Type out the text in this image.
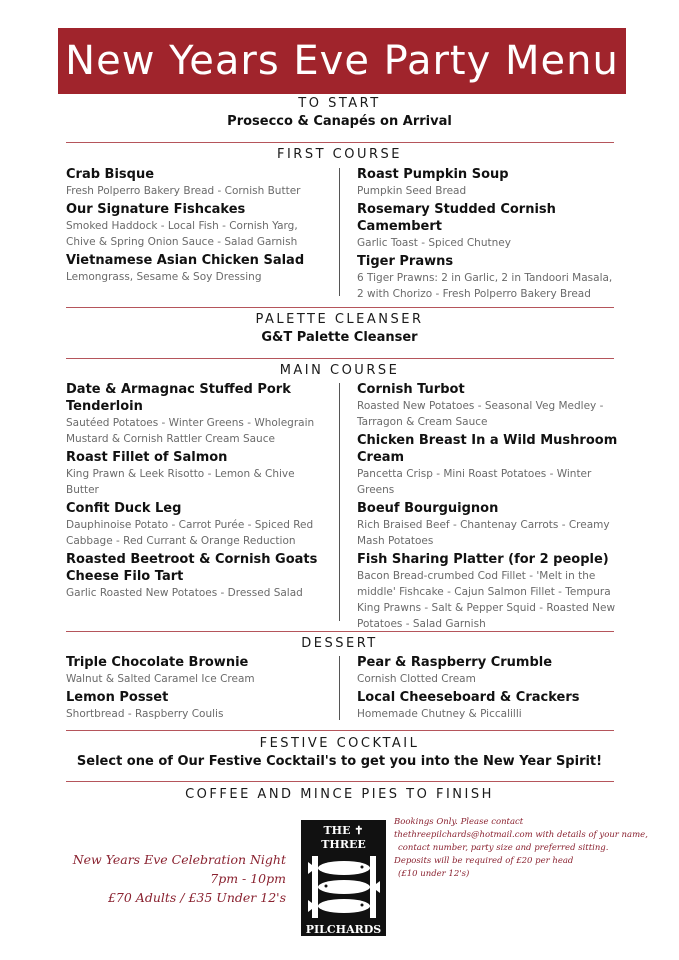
New Years Eve Party Menu
TO START
Prosecco & Canapés on Arrival
FIRST COURSE
Crab Bisque
Fresh Polperro Bakery Bread - Cornish Butter
Our Signature Fishcakes
Smoked Haddock - Local Fish - Cornish Yarg, Chive & Spring Onion Sauce - Salad Garnish
Vietnamese Asian Chicken Salad
Lemongrass, Sesame & Soy Dressing
Roast Pumpkin Soup
Pumpkin Seed Bread
Rosemary Studded Cornish Camembert
Garlic Toast - Spiced Chutney
Tiger Prawns
6 Tiger Prawns: 2 in Garlic, 2 in Tandoori Masala, 2 with Chorizo - Fresh Polperro Bakery Bread
PALETTE CLEANSER
G&T Palette Cleanser
MAIN COURSE
Date & Armagnac Stuffed Pork Tenderloin
Sautéed Potatoes - Winter Greens - Wholegrain Mustard & Cornish Rattler Cream Sauce
Roast Fillet of Salmon
King Prawn & Leek Risotto - Lemon & Chive Butter
Confit Duck Leg
Dauphinoise Potato - Carrot Purée - Spiced Red Cabbage - Red Currant & Orange Reduction
Roasted Beetroot & Cornish Goats Cheese Filo Tart
Garlic Roasted New Potatoes - Dressed Salad
Cornish Turbot
Roasted New Potatoes - Seasonal Veg Medley - Tarragon & Cream Sauce
Chicken Breast In a Wild Mushroom Cream
Pancetta Crisp - Mini Roast Potatoes - Winter Greens
Boeuf Bourguignon
Rich Braised Beef - Chantenay Carrots - Creamy Mash Potatoes
Fish Sharing Platter (for 2 people)
Bacon Bread-crumbed Cod Fillet - 'Melt in the middle' Fishcake - Cajun Salmon Fillet - Tempura King Prawns - Salt & Pepper Squid - Roasted New Potatoes - Salad Garnish
DESSERT
Triple Chocolate Brownie
Walnut & Salted Caramel Ice Cream
Lemon Posset
Shortbread - Raspberry Coulis
Pear & Raspberry Crumble
Cornish Clotted Cream
Local Cheeseboard & Crackers
Homemade Chutney & Piccalilli
FESTIVE COCKTAIL
Select one of Our Festive Cocktail's to get you into the New Year Spirit!
COFFEE AND MINCE PIES TO FINISH
New Years Eve Celebration Night
7pm - 10pm
£70 Adults / £35 Under 12's
THE ✝ THREE
PILCHARDS
Polperro Cornwall
Bookings Only. Please contact
thethreepilchards@hotmail.com with details of your name,
contact number, party size and preferred sitting.
Deposits will be required of £20 per head
(£10 under 12's)
